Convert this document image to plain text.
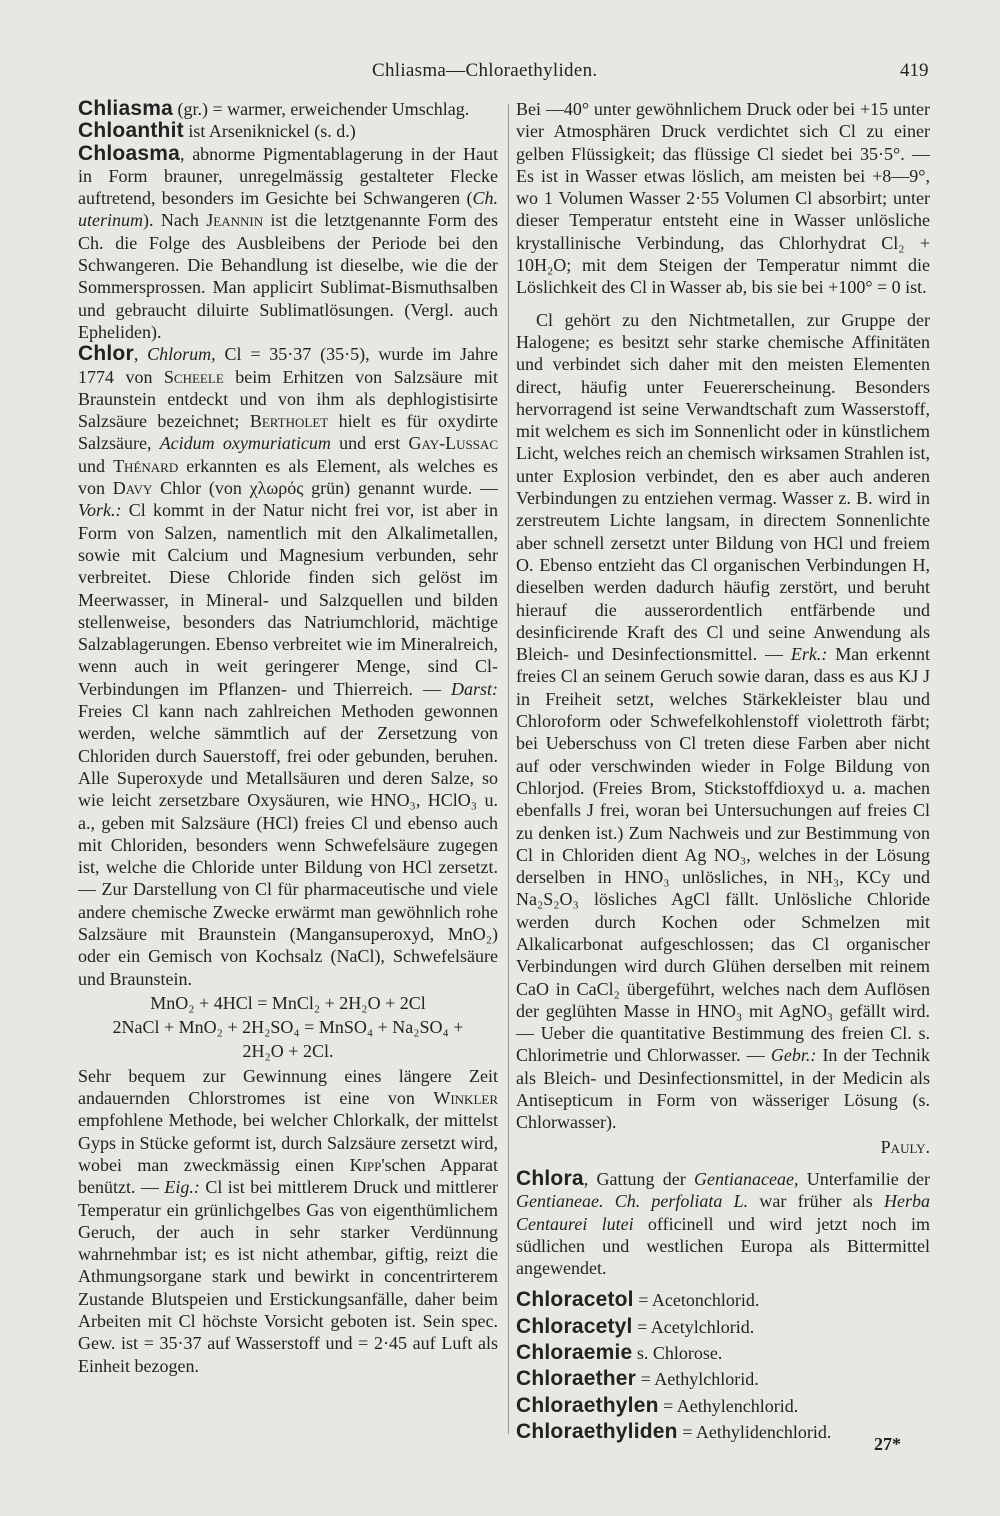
Chliasma—Chloraethyliden.	419

Chliasma (gr.) = warmer, erweichender Umschlag.

Chloanthit ist Arseniknickel (s. d.)

Chloasma, abnorme Pigmentablagerung in der Haut in Form brauner, unregelmässig gestalteter Flecke auftretend, besonders im Gesichte bei Schwangeren (Ch. uterinum). Nach Jeannin ist die letztgenannte Form des Ch. die Folge des Ausbleibens der Periode bei den Schwangeren. Die Behandlung ist dieselbe, wie die der Sommersprossen. Man applicirt Sublimat-Bismuthsalben und gebraucht diluirte Sublimatlösungen. (Vergl. auch Epheliden).

Chlor, Chlorum, Cl = 35·37 (35·5), wurde im Jahre 1774 von Scheele beim Erhitzen von Salzsäure mit Braunstein entdeckt und von ihm als dephlogistisirte Salzsäure bezeichnet; Bertholet hielt es für oxydirte Salzsäure, Acidum oxymuriaticum und erst Gay-Lussac und Thénard erkannten es als Element, als welches es von Davy Chlor (von χλωρός grün) genannt wurde. — Vork.: Cl kommt in der Natur nicht frei vor, ist aber in Form von Salzen, namentlich mit den Alkalimetallen, sowie mit Calcium und Magnesium verbunden, sehr verbreitet. Diese Chloride finden sich gelöst im Meerwasser, in Mineral- und Salzquellen und bilden stellenweise, besonders das Natriumchlorid, mächtige Salzablagerungen. Ebenso verbreitet wie im Mineralreich, wenn auch in weit geringerer Menge, sind Cl-Verbindungen im Pflanzen- und Thierreich. — Darst: Freies Cl kann nach zahlreichen Methoden gewonnen werden, welche sämmtlich auf der Zersetzung von Chloriden durch Sauerstoff, frei oder gebunden, beruhen. Alle Superoxyde und Metallsäuren und deren Salze, so wie leicht zersetzbare Oxysäuren, wie HNO₃, HClO₃ u. a., geben mit Salzsäure (HCl) freies Cl und ebenso auch mit Chloriden, besonders wenn Schwefelsäure zugegen ist, welche die Chloride unter Bildung von HCl zersetzt. — Zur Darstellung von Cl für pharmaceutische und viele andere chemische Zwecke erwärmt man gewöhnlich rohe Salzsäure mit Braunstein (Mangansuperoxyd, MnO₂) oder ein Gemisch von Kochsalz (NaCl), Schwefelsäure und Braunstein.

MnO₂ + 4HCl = MnCl₂ + 2H₂O + 2Cl

2NaCl + MnO₂ + 2H₂SO₄ = MnSO₄ + Na₂SO₄ +

2H₂O + 2Cl.

Sehr bequem zur Gewinnung eines längere Zeit andauernden Chlorstromes ist eine von Winkler empfohlene Methode, bei welcher Chlorkalk, der mittelst Gyps in Stücke geformt ist, durch Salzsäure zersetzt wird, wobei man zweckmässig einen Kipp'schen Apparat benützt. — Eig.: Cl ist bei mittlerem Druck und mittlerer Temperatur ein grünlichgelbes Gas von eigenthümlichem Geruch, der auch in sehr starker Verdünnung wahrnehmbar ist; es ist nicht athembar, giftig, reizt die Athmungsorgane stark und bewirkt in concentrirterem Zustande Blutspeien und Erstickungsanfälle, daher beim Arbeiten mit Cl höchste Vorsicht geboten ist. Sein spec. Gew. ist = 35·37 auf Wasserstoff und = 2·45 auf Luft als Einheit bezogen.

Bei —40° unter gewöhnlichem Druck oder bei +15 unter vier Atmosphären Druck verdichtet sich Cl zu einer gelben Flüssigkeit; das flüssige Cl siedet bei 35·5°. — Es ist in Wasser etwas löslich, am meisten bei +8—9°, wo 1 Volumen Wasser 2·55 Volumen Cl absorbirt; unter dieser Temperatur entsteht eine in Wasser unlösliche krystallinische Verbindung, das Chlorhydrat Cl₂ + 10H₂O; mit dem Steigen der Temperatur nimmt die Löslichkeit des Cl in Wasser ab, bis sie bei +100° = 0 ist.

Cl gehört zu den Nichtmetallen, zur Gruppe der Halogene; es besitzt sehr starke chemische Affinitäten und verbindet sich daher mit den meisten Elementen direct, häufig unter Feuererscheinung. Besonders hervorragend ist seine Verwandtschaft zum Wasserstoff, mit welchem es sich im Sonnenlicht oder in künstlichem Licht, welches reich an chemisch wirksamen Strahlen ist, unter Explosion verbindet, den es aber auch anderen Verbindungen zu entziehen vermag. Wasser z. B. wird in zerstreutem Lichte langsam, in directem Sonnenlichte aber schnell zersetzt unter Bildung von HCl und freiem O. Ebenso entzieht das Cl organischen Verbindungen H, dieselben werden dadurch häufig zerstört, und beruht hierauf die ausserordentlich entfärbende und desinficirende Kraft des Cl und seine Anwendung als Bleich- und Desinfectionsmittel. — Erk.: Man erkennt freies Cl an seinem Geruch sowie daran, dass es aus KJ J in Freiheit setzt, welches Stärkekleister blau und Chloroform oder Schwefelkohlenstoff violettroth färbt; bei Ueberschuss von Cl treten diese Farben aber nicht auf oder verschwinden wieder in Folge Bildung von Chlorjod. (Freies Brom, Stickstoffdioxyd u. a. machen ebenfalls J frei, woran bei Untersuchungen auf freies Cl zu denken ist.) Zum Nachweis und zur Bestimmung von Cl in Chloriden dient Ag NO₃, welches in der Lösung derselben in HNO₃ unlösliches, in NH₃, KCy und Na₂S₂O₃ lösliches AgCl fällt. Unlösliche Chloride werden durch Kochen oder Schmelzen mit Alkalicarbonat aufgeschlossen; das Cl organischer Verbindungen wird durch Glühen derselben mit reinem CaO in CaCl₂ übergeführt, welches nach dem Auflösen der geglühten Masse in HNO₃ mit AgNO₃ gefällt wird. — Ueber die quantitative Bestimmung des freien Cl. s. Chlorimetrie und Chlorwasser. — Gebr.: In der Technik als Bleich- und Desinfectionsmittel, in der Medicin als Antisepticum in Form von wässeriger Lösung (s. Chlorwasser).

Pauly.

Chlora, Gattung der Gentianaceae, Unterfamilie der Gentianeae. Ch. perfoliata L. war früher als Herba Centaurei lutei officinell und wird jetzt noch im südlichen und westlichen Europa als Bittermittel angewendet.

Chloracetol = Acetonchlorid.

Chloracetyl = Acetylchlorid.

Chloraemie s. Chlorose.

Chloraether = Aethylchlorid.

Chloraethylen = Aethylenchlorid.

Chloraethyliden = Aethylidenchlorid.

27*
